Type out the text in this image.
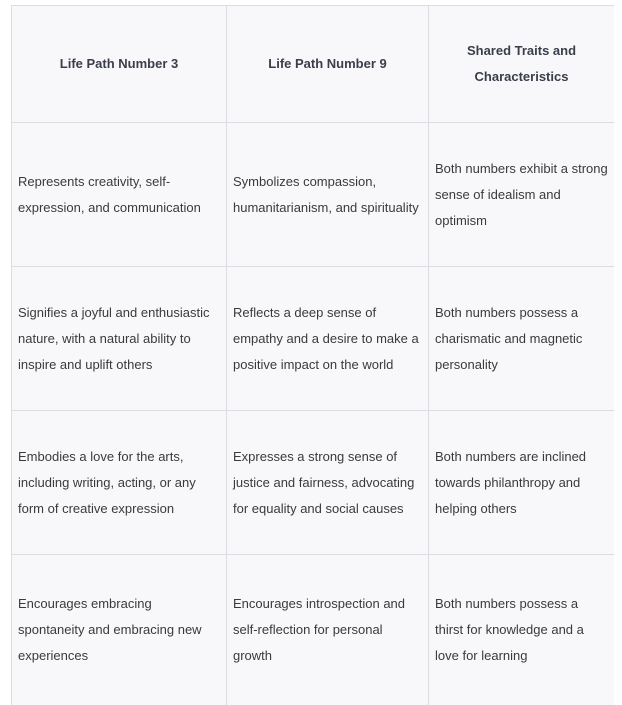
Life Path Number 3	Life Path Number 9	Shared Traits and Characteristics
Represents creativity, self-expression, and communication	Symbolizes compassion, humanitarianism, and spirituality	Both numbers exhibit a strong sense of idealism and optimism
Signifies a joyful and enthusiastic nature, with a natural ability to inspire and uplift others	Reflects a deep sense of empathy and a desire to make a positive impact on the world	Both numbers possess a charismatic and magnetic personality
Embodies a love for the arts, including writing, acting, or any form of creative expression	Expresses a strong sense of justice and fairness, advocating for equality and social causes	Both numbers are inclined towards philanthropy and helping others
Encourages embracing spontaneity and embracing new experiences	Encourages introspection and self-reflection for personal growth	Both numbers possess a thirst for knowledge and a love for learning
